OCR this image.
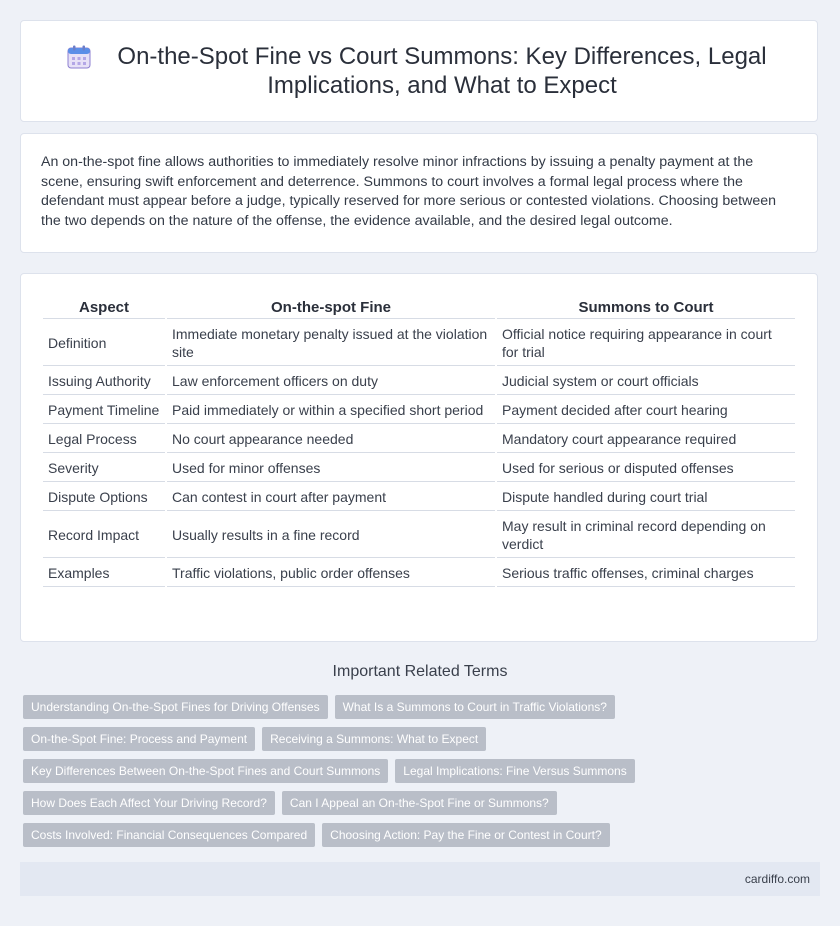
On-the-Spot Fine vs Court Summons: Key Differences, Legal Implications, and What to Expect

An on-the-spot fine allows authorities to immediately resolve minor infractions by issuing a penalty payment at the scene, ensuring swift enforcement and deterrence. Summons to court involves a formal legal process where the defendant must appear before a judge, typically reserved for more serious or contested violations. Choosing between the two depends on the nature of the offense, the evidence available, and the desired legal outcome.

Aspect	On-the-spot Fine	Summons to Court
Definition	Immediate monetary penalty issued at the violation site	Official notice requiring appearance in court for trial
Issuing Authority	Law enforcement officers on duty	Judicial system or court officials
Payment Timeline	Paid immediately or within a specified short period	Payment decided after court hearing
Legal Process	No court appearance needed	Mandatory court appearance required
Severity	Used for minor offenses	Used for serious or disputed offenses
Dispute Options	Can contest in court after payment	Dispute handled during court trial
Record Impact	Usually results in a fine record	May result in criminal record depending on verdict
Examples	Traffic violations, public order offenses	Serious traffic offenses, criminal charges
Important Related Terms
Understanding On-the-Spot Fines for Driving Offenses	What Is a Summons to Court in Traffic Violations?
On-the-Spot Fine: Process and Payment	Receiving a Summons: What to Expect
Key Differences Between On-the-Spot Fines and Court Summons	Legal Implications: Fine Versus Summons
How Does Each Affect Your Driving Record?	Can I Appeal an On-the-Spot Fine or Summons?
Costs Involved: Financial Consequences Compared	Choosing Action: Pay the Fine or Contest in Court?
cardiffo.com
